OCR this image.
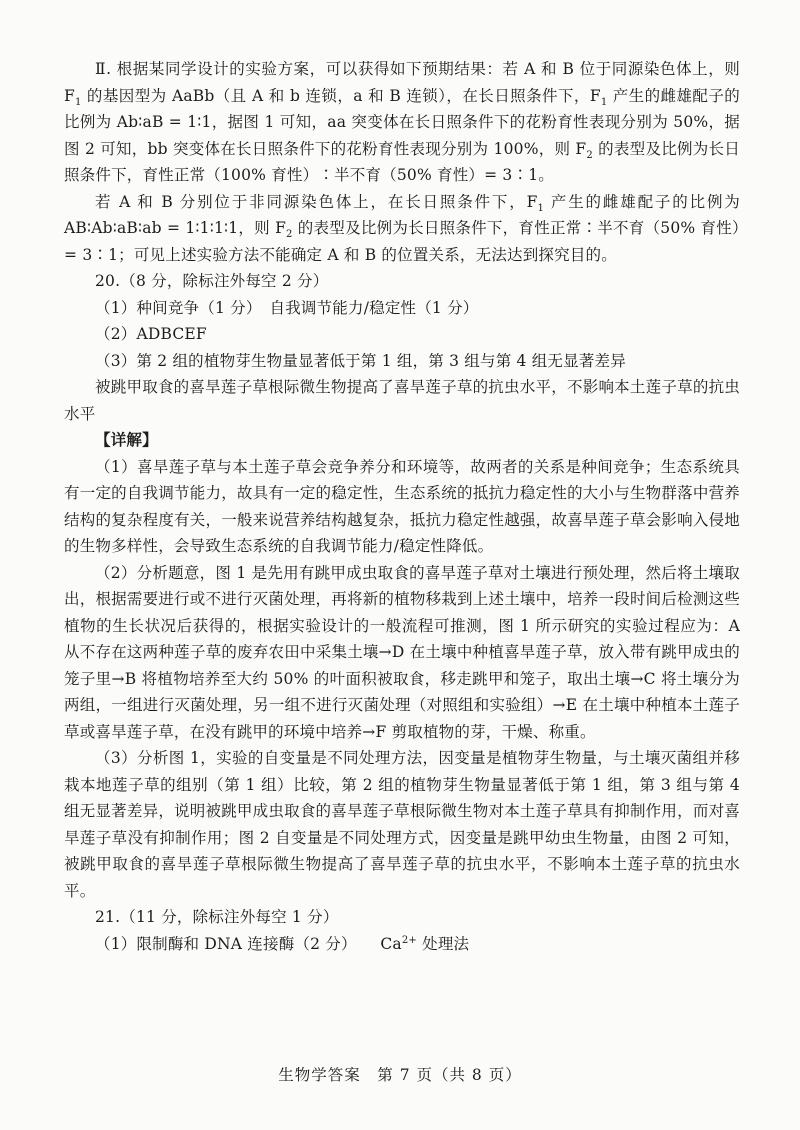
Ⅱ. 根据某同学设计的实验方案，可以获得如下预期结果：若 A 和 B 位于同源染色体上，则 $F_1$ 的基因型为 AaBb（且 A 和 b 连锁，a 和 B 连锁），在长日照条件下，$F_1$ 产生的雌雄配子的比例为 Ab∶aB = 1∶1，据图 1 可知，aa 突变体在长日照条件下的花粉育性表现分别为 50%，据图 2 可知，bb 突变体在长日照条件下的花粉育性表现分别为 100%，则 $F_2$ 的表型及比例为长日照条件下，育性正常（100% 育性）∶半不育（50% 育性）= 3∶1。

若 A 和 B 分别位于非同源染色体上，在长日照条件下，$F_1$ 产生的雌雄配子的比例为 AB∶Ab∶aB∶ab = 1∶1∶1∶1，则 $F_2$ 的表型及比例为长日照条件下，育性正常∶半不育（50% 育性）= 3∶1；可见上述实验方法不能确定 A 和 B 的位置关系，无法达到探究目的。

20.（8 分，除标注外每空 2 分）

（1）种间竞争（1 分）　自我调节能力/稳定性（1 分）

（2）ADBCEF

（3）第 2 组的植物芽生物量显著低于第 1 组，第 3 组与第 4 组无显著差异

被跳甲取食的喜旱莲子草根际微生物提高了喜旱莲子草的抗虫水平，不影响本土莲子草的抗虫水平

【详解】

（1）喜旱莲子草与本土莲子草会竞争养分和环境等，故两者的关系是种间竞争；生态系统具有一定的自我调节能力，故具有一定的稳定性，生态系统的抵抗力稳定性的大小与生物群落中营养结构的复杂程度有关，一般来说营养结构越复杂，抵抗力稳定性越强，故喜旱莲子草会影响入侵地的生物多样性，会导致生态系统的自我调节能力/稳定性降低。

（2）分析题意，图 1 是先用有跳甲成虫取食的喜旱莲子草对土壤进行预处理，然后将土壤取出，根据需要进行或不进行灭菌处理，再将新的植物移栽到上述土壤中，培养一段时间后检测这些植物的生长状况后获得的，根据实验设计的一般流程可推测，图 1 所示研究的实验过程应为：A 从不存在这两种莲子草的废弃农田中采集土壤→D 在土壤中种植喜旱莲子草，放入带有跳甲成虫的笼子里→B 将植物培养至大约 50% 的叶面积被取食，移走跳甲和笼子，取出土壤→C 将土壤分为两组，一组进行灭菌处理，另一组不进行灭菌处理（对照组和实验组）→E 在土壤中种植本土莲子草或喜旱莲子草，在没有跳甲的环境中培养→F 剪取植物的芽，干燥、称重。

（3）分析图 1，实验的自变量是不同处理方法，因变量是植物芽生物量，与土壤灭菌组并移栽本地莲子草的组别（第 1 组）比较，第 2 组的植物芽生物量显著低于第 1 组，第 3 组与第 4 组无显著差异，说明被跳甲成虫取食的喜旱莲子草根际微生物对本土莲子草具有抑制作用，而对喜旱莲子草没有抑制作用；图 2 自变量是不同处理方式，因变量是跳甲幼虫生物量，由图 2 可知，被跳甲取食的喜旱莲子草根际微生物提高了喜旱莲子草的抗虫水平，不影响本土莲子草的抗虫水平。

21.（11 分，除标注外每空 1 分）

（1）限制酶和 DNA 连接酶（2 分）　　$Ca^{2+}$ 处理法

生物学答案　第 7 页（共 8 页）
